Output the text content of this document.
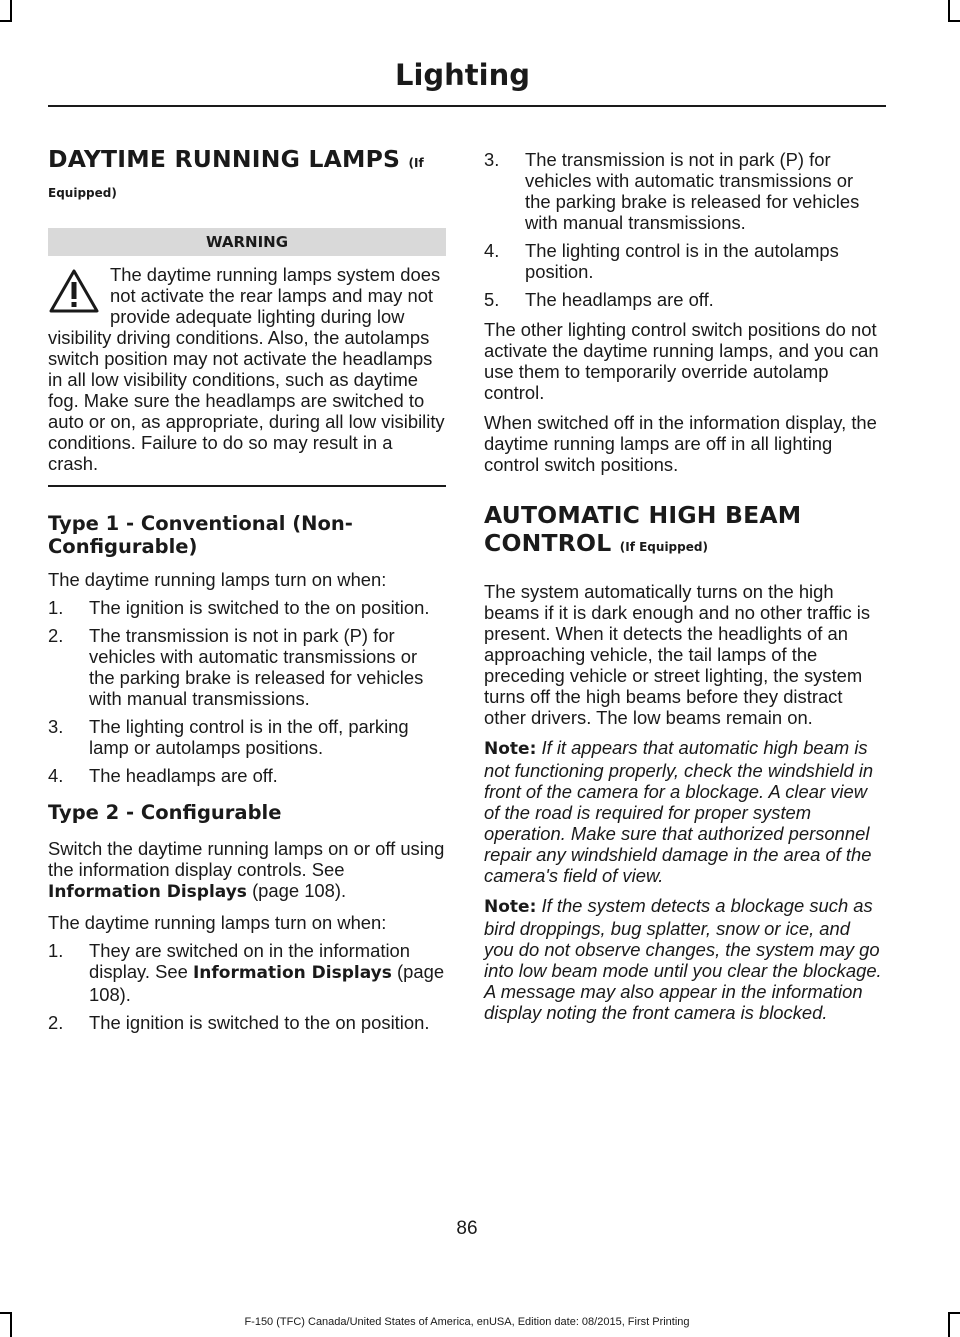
Lighting
DAYTIME RUNNING LAMPS (If
Equipped)
WARNING

The daytime running lamps system does not activate the rear lamps and may not provide adequate lighting during low visibility driving conditions. Also, the autolamps switch position may not activate the headlamps in all low visibility conditions, such as daytime fog. Make sure the headlamps are switched to auto or on, as appropriate, during all low visibility conditions. Failure to do so may result in a crash.

Type 1 - Conventional (Non-Configurable)

The daytime running lamps turn on when:

1. The ignition is switched to the on position.
2. The transmission is not in park (P) for vehicles with automatic transmissions or the parking brake is released for vehicles with manual transmissions.
3. The lighting control is in the off, parking lamp or autolamps positions.
4. The headlamps are off.
Type 2 - Configurable

Switch the daytime running lamps on or off using the information display controls. See Information Displays (page 108).

The daytime running lamps turn on when:

1. They are switched on in the information display. See Information Displays (page 108).
2. The ignition is switched to the on position.
3. The transmission is not in park (P) for vehicles with automatic transmissions or the parking brake is released for vehicles with manual transmissions.
4. The lighting control is in the autolamps position.
5. The headlamps are off.

The other lighting control switch positions do not activate the daytime running lamps, and you can use them to temporarily override autolamp control.

When switched off in the information display, the daytime running lamps are off in all lighting control switch positions.

AUTOMATIC HIGH BEAM
CONTROL (If Equipped)

The system automatically turns on the high beams if it is dark enough and no other traffic is present. When it detects the headlights of an approaching vehicle, the tail lamps of the preceding vehicle or street lighting, the system turns off the high beams before they distract other drivers. The low beams remain on.

Note: If it appears that automatic high beam is not functioning properly, check the windshield in front of the camera for a blockage. A clear view of the road is required for proper system operation. Make sure that authorized personnel repair any windshield damage in the area of the camera's field of view.

Note: If the system detects a blockage such as bird droppings, bug splatter, snow or ice, and you do not observe changes, the system may go into low beam mode until you clear the blockage. A message may also appear in the information display noting the front camera is blocked.

86
F-150 (TFC) Canada/United States of America, enUSA, Edition date: 08/2015, First Printing
